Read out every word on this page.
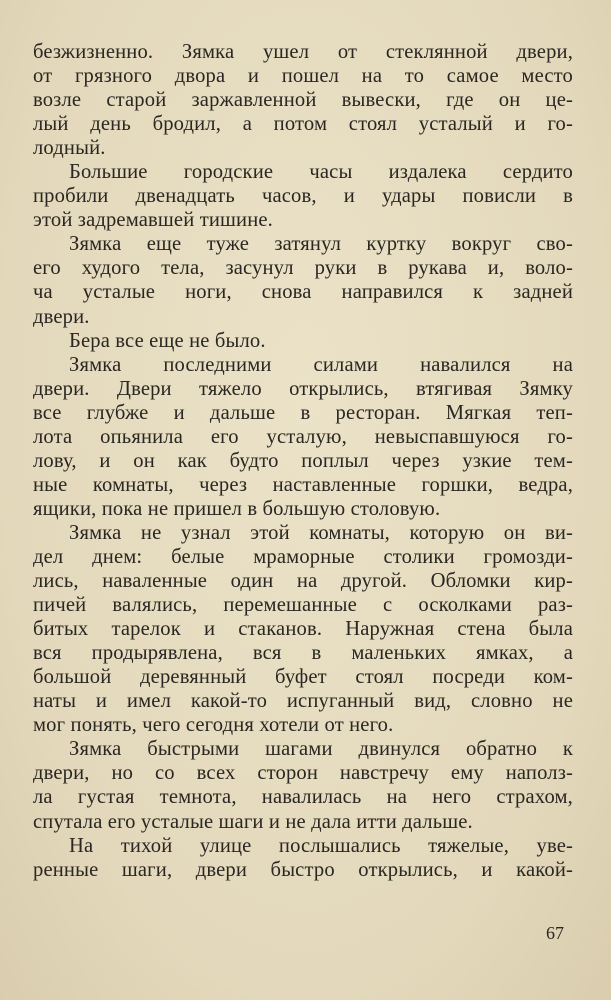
безжизненно. Зямка ушел от стеклянной двери,
от грязного двора и пошел на то самое место
возле старой заржавленной вывески, где он це-
лый день бродил, а потом стоял усталый и го-
лодный.
Большие городские часы издалека сердито
пробили двенадцать часов, и удары повисли в
этой задремавшей тишине.
Зямка еще туже затянул куртку вокруг сво-
его худого тела, засунул руки в рукава и, воло-
ча усталые ноги, снова направился к задней
двери.
Бера все еще не было.
Зямка последними силами навалился на
двери. Двери тяжело открылись, втягивая Зямку
все глубже и дальше в ресторан. Мягкая теп-
лота опьянила его усталую, невыспавшуюся го-
лову, и он как будто поплыл через узкие тем-
ные комнаты, через наставленные горшки, ведра,
ящики, пока не пришел в большую столовую.
Зямка не узнал этой комнаты, которую он ви-
дел днем: белые мраморные столики громозди-
лись, наваленные один на другой. Обломки кир-
пичей валялись, перемешанные с осколками раз-
битых тарелок и стаканов. Наружная стена была
вся продырявлена, вся в маленьких ямках, а
большой деревянный буфет стоял посреди ком-
наты и имел какой-то испуганный вид, словно не
мог понять, чего сегодня хотели от него.
Зямка быстрыми шагами двинулся обратно к
двери, но со всех сторон навстречу ему наполз-
ла густая темнота, навалилась на него страхом,
спутала его усталые шаги и не дала итти дальше.
На тихой улице послышались тяжелые, уве-
ренные шаги, двери быстро открылись, и какой-
67
